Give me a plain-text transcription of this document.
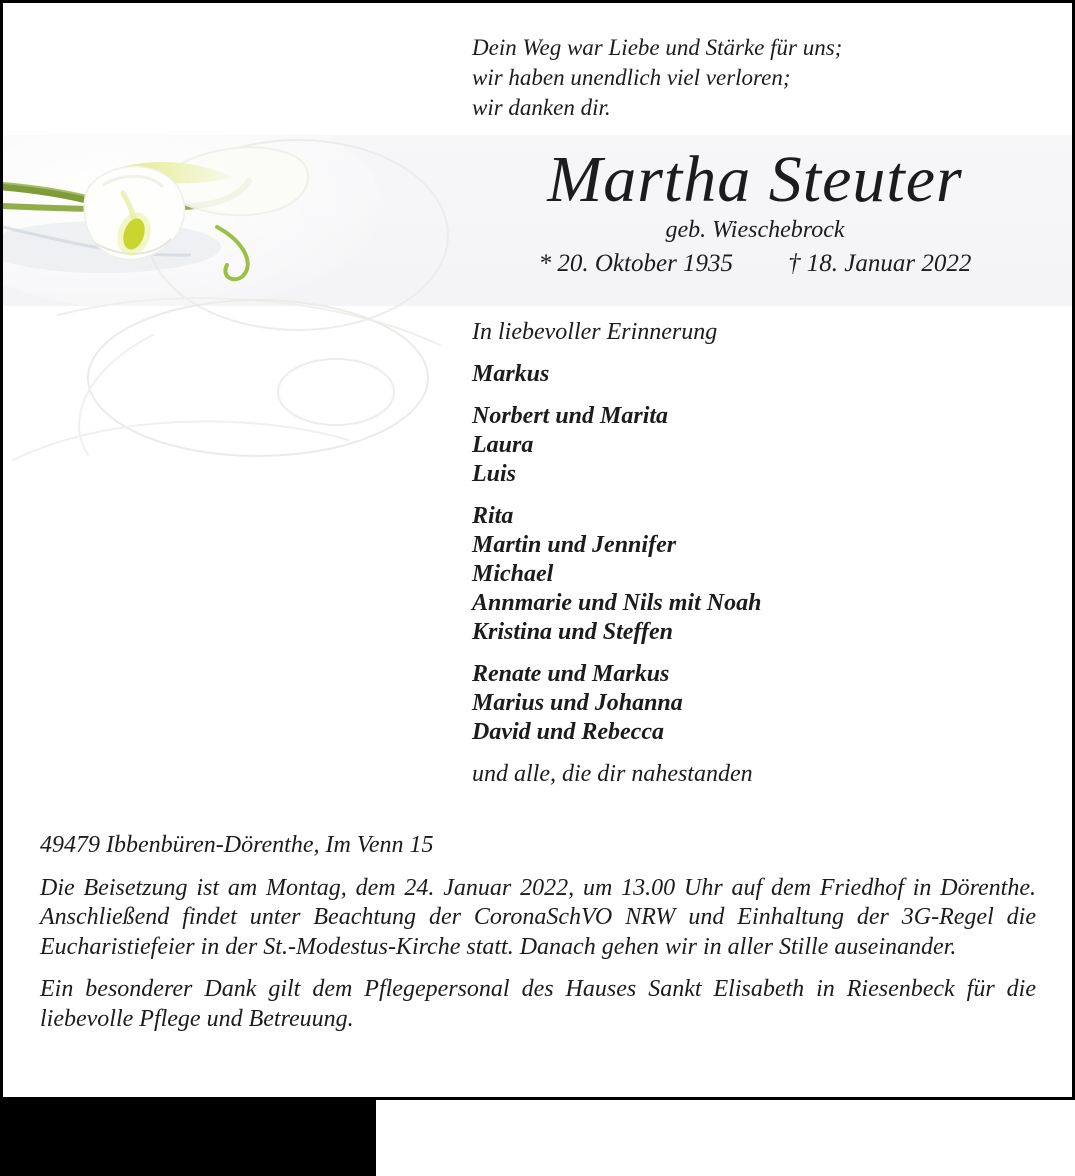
Martha Steuter
geb. Wieschebrock
* 20. Oktober 1935 † 18. Januar 2022
Dein Weg war Liebe und Stärke für uns;
wir haben unendlich viel verloren;
wir danken dir.

In liebevoller Erinnerung

Markus

Norbert und Marita
Laura
Luis

Rita
Martin und Jennifer
Michael
Annmarie und Nils mit Noah
Kristina und Steffen

Renate und Markus
Marius und Johanna
David und Rebecca

und alle, die dir nahestanden

49479 Ibbenbüren-Dörenthe, Im Venn 15

Die Beisetzung ist am Montag, dem 24. Januar 2022, um 13.00 Uhr auf dem Friedhof in Dörenthe. Anschließend findet unter Beachtung der CoronaSchVO NRW und Einhaltung der 3G-Regel die Eucharistiefeier in der St.-Modestus-Kirche statt. Danach gehen wir in aller Stille auseinander.

Ein besonderer Dank gilt dem Pflegepersonal des Hauses Sankt Elisabeth in Riesenbeck für die liebevolle Pflege und Betreuung.
